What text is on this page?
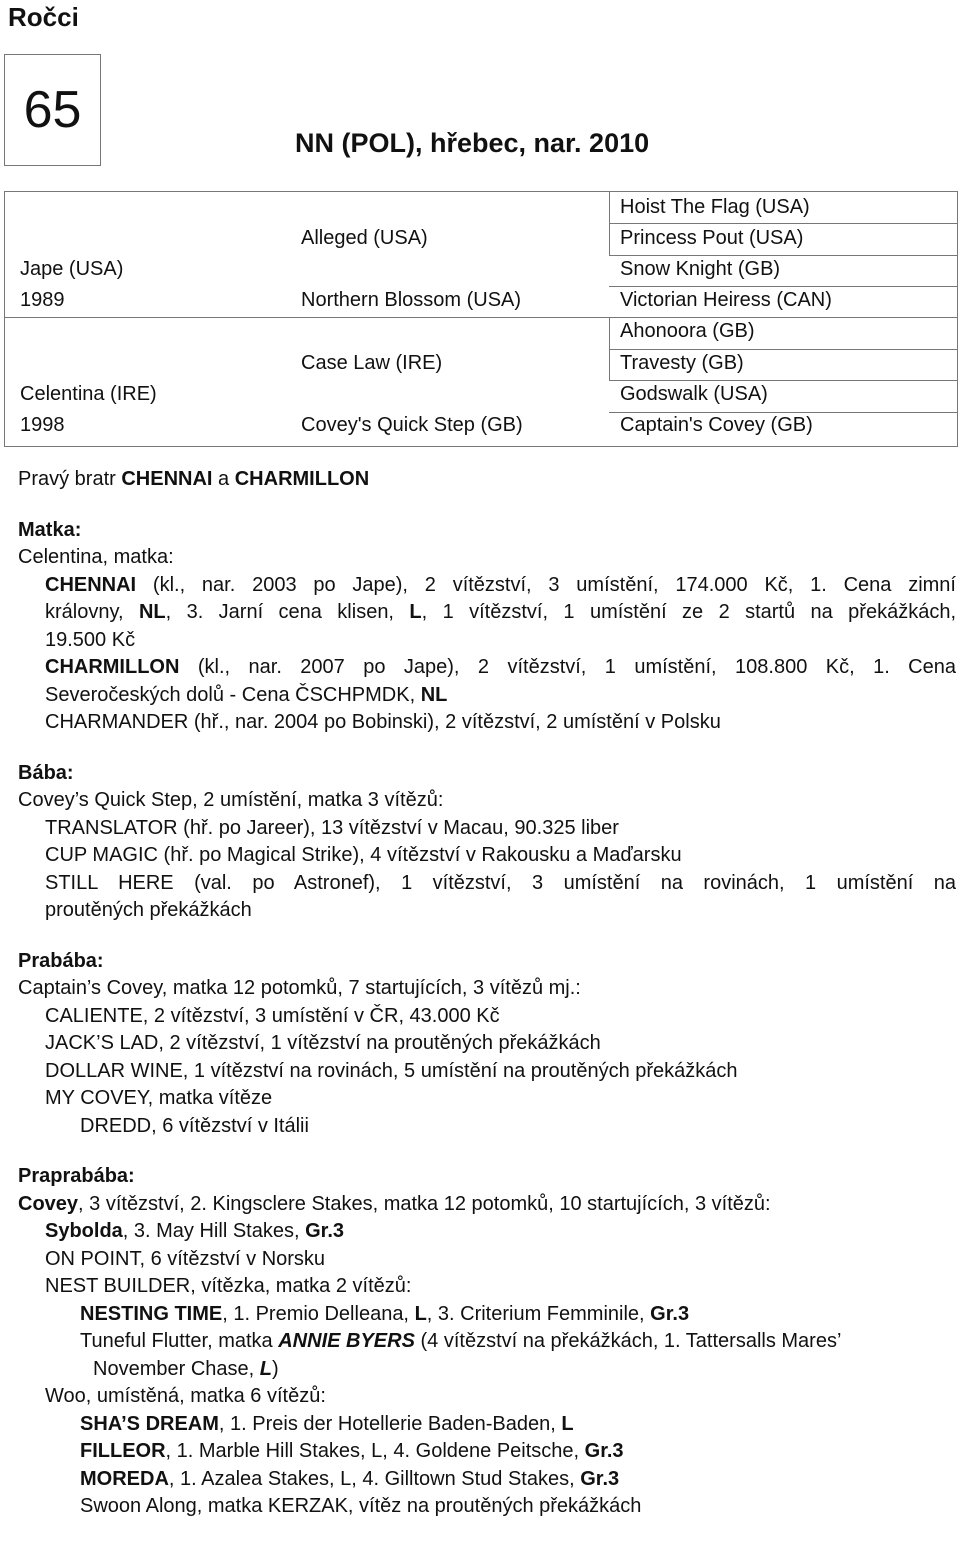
Ročci
65
NN (POL), hřebec, nar. 2010
Jape (USA)
1989
Celentina (IRE)
1998
Alleged (USA)
Northern Blossom (USA)
Case Law (IRE)
Covey's Quick Step (GB)
Hoist The Flag (USA)
Princess Pout (USA)
Snow Knight (GB)
Victorian Heiress (CAN)
Ahonoora (GB)
Travesty (GB)
Godswalk (USA)
Captain's Covey (GB)
Pravý bratr CHENNAI a CHARMILLON
Matka:
Celentina, matka:
CHENNAI (kl., nar. 2003 po Jape), 2 vítězství, 3 umístění, 174.000 Kč, 1. Cena zimní
královny, NL, 3. Jarní cena klisen, L, 1 vítězství, 1 umístění ze 2 startů na překážkách,
19.500 Kč
CHARMILLON (kl., nar. 2007 po Jape), 2 vítězství, 1 umístění, 108.800 Kč, 1. Cena
Severočeských dolů - Cena ČSCHPMDK, NL
CHARMANDER (hř., nar. 2004 po Bobinski), 2 vítězství, 2 umístění v Polsku
Bába:
Covey’s Quick Step, 2 umístění, matka 3 vítězů:
TRANSLATOR (hř. po Jareer), 13 vítězství v Macau, 90.325 liber
CUP MAGIC (hř. po Magical Strike), 4 vítězství v Rakousku a Maďarsku
STILL HERE (val. po Astronef), 1 vítězství, 3 umístění na rovinách, 1 umístění na
proutěných překážkách
Prabába:
Captain’s Covey, matka 12 potomků, 7 startujících, 3 vítězů mj.:
CALIENTE, 2 vítězství, 3 umístění v ČR, 43.000 Kč
JACK’S LAD, 2 vítězství, 1 vítězství na proutěných překážkách
DOLLAR WINE, 1 vítězství na rovinách, 5 umístění na proutěných překážkách
MY COVEY, matka vítěze
DREDD, 6 vítězství v Itálii
Praprabába:
Covey, 3 vítězství, 2. Kingsclere Stakes, matka 12 potomků, 10 startujících, 3 vítězů:
Sybolda, 3. May Hill Stakes, Gr.3
ON POINT, 6 vítězství v Norsku
NEST BUILDER, vítězka, matka 2 vítězů:
NESTING TIME, 1. Premio Delleana, L, 3. Criterium Femminile, Gr.3
Tuneful Flutter, matka ANNIE BYERS (4 vítězství na překážkách, 1. Tattersalls Mares’
November Chase, L)
Woo, umístěná, matka 6 vítězů:
SHA’S DREAM, 1. Preis der Hotellerie Baden-Baden, L
FILLEOR, 1. Marble Hill Stakes, L, 4. Goldene Peitsche, Gr.3
MOREDA, 1. Azalea Stakes, L, 4. Gilltown Stud Stakes, Gr.3
Swoon Along, matka KERZAK, vítěz na proutěných překážkách
